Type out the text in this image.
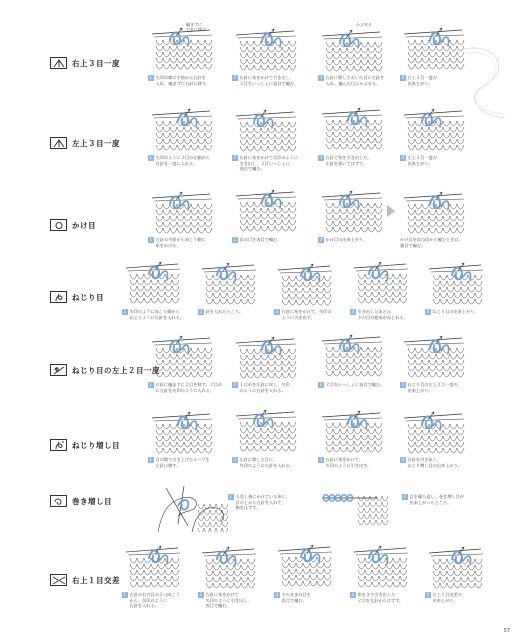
右上３目一度
編まずに
右針に移す
1 矢印の様に手前から右針を
入れ、編まずに右針に移す。
2 右針に糸をかけて引き出し、
２目をいっしょに表目で編む。
かぶせる
3 右針に移しておいた目に左針を
入れ、編んだ目にかぶせる。
4 右上３目一度の
出来上がり。
左上３目一度
1 矢印のように３目の左側から
右針を一度に入れる。
2 右針に糸をかけて矢印のように
引き出し、３目いっしょに
表目で編む。
3 右針で糸を引き出した。
左針を抜いてはずす。
4 左上３目一度の
出来上がり。
かけ目
1 右針の手前から向こう側に
糸をかける。
2 次の目を表目で編む。	3 かけ目の出来上がり。	かけ目を次の段から編むときは、
裏目で編む。
ねじり目
1 矢印のように向こう側から
ねじるように右針を入れる。
2 針を入れたところ。	3 右針に糸をかけて、矢印の
ように引き出す。
4 引き出したあとの
下の目の根本がねじれる。
5 ねじり目の出来上がり。
ねじり目の左上２目一度
1 右針に編まずに２目を移す。２目め
に左針を矢印のように入れる。
2 １目めを左針に戻し、矢印
のように右針を入れる。
3 ２目をいっしょに表目で編む。	4 ねじり目の左上２目一度の
出来上がり。
ねじり増し目
1 目の間で引き上げたループを
左針に移す。
2 左針に移した目に、
矢印のように右針を入れる。
3 右針に糸をかけて、
矢印のように引き出す。
4 右針を引き抜く。
ねじり増し目の出来上がり。
巻き増し目	1 人差し指にかけている糸に、
目の上から右針を入れて、
指をはずす。
2 目を繰り返し、巻き増し目が
出来上がったところ。
右上１目交差
1 左針の右の目の２つ向こう
から、矢印のように
右針を入れる。
2 右針に糸をかけて
矢印のように引き出し、
表目で編む。
3 そのままの目を
表目で編む。
4 糸をさで引き出した
２目を左針からはずす。
5 右上１目交差の
出来上がり。
57
